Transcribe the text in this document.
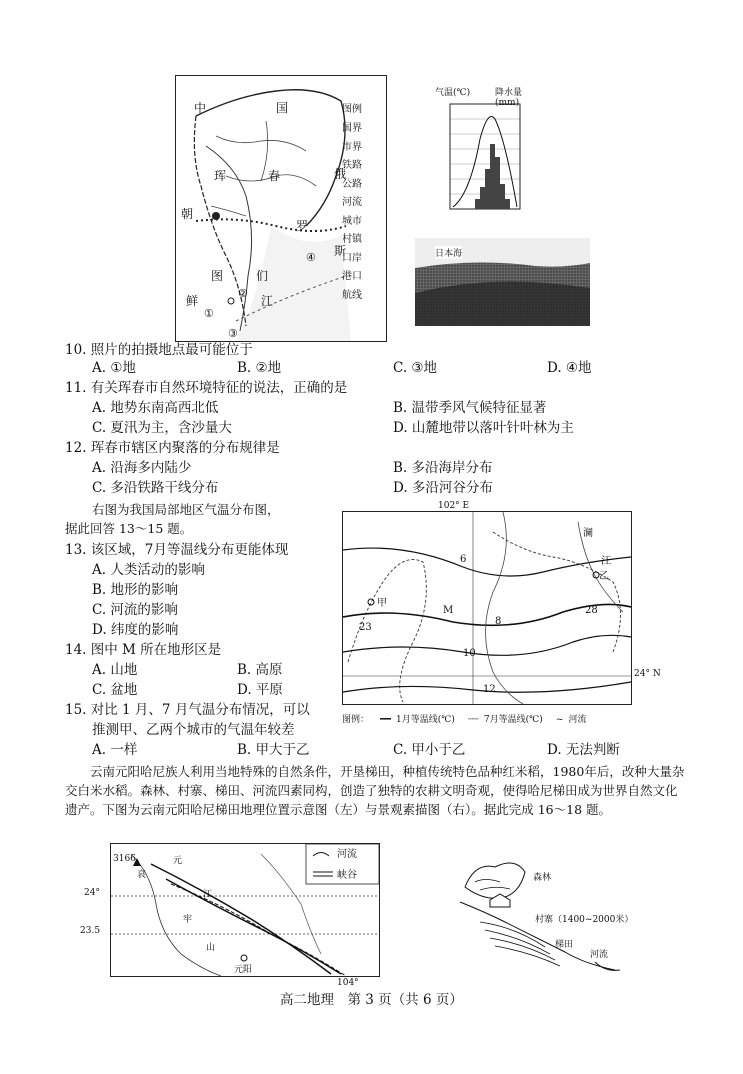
中	国
珲	春	俄
罗
斯
朝
鲜
图	们
江
①
②
③
④
图例
国界
市界
铁路
公路
河流
城市
村镇
口岸
港口
航线
气温(℃)	降水量(mm)
日本海
10. 照片的拍摄地点最可能位于
A. ①地	B. ②地	C. ③地	D. ④地
11. 有关珲春市自然环境特征的说法，正确的是
A. 地势东南高西北低	B. 温带季风气候特征显著
C. 夏汛为主，含沙量大	D. 山麓地带以落叶针叶林为主
12. 珲春市辖区内聚落的分布规律是
A. 沿海多内陆少	B. 多沿海岸分布
C. 多沿铁路干线分布	D. 多沿河谷分布
右图为我国局部地区气温分布图，
据此回答 13～15 题。
13. 该区域，7月等温线分布更能体现
A. 人类活动的影响
B. 地形的影响
C. 河流的影响
D. 纬度的影响
14. 图中 M 所在地形区是
A. 山地	B. 高原
C. 盆地	D. 平原
15. 对比 1 月、7 月气温分布情况，可以
推测甲、乙两个城市的气温年较差
A. 一样	B. 甲大于乙	C. 甲小于乙	D. 无法判断
102° E
6
8
10
12
28
23
M
甲
乙
澜
江
24° N
图例： ━━ 1月等温线(℃) ┄┄ 7月等温线(℃) ~ 河流
云南元阳哈尼族人利用当地特殊的自然条件，开垦梯田，种植传统特色品种红米稻，1980年后，改种大量杂交白米水稻。森林、村寨、梯田、河流四素同构，创造了独特的农耕文明奇观，使得哈尼梯田成为世界自然文化遗产。下图为云南元阳哈尼梯田地理位置示意图（左）与景观素描图（右）。据此完成 16～18 题。
3166
哀
元
江
牢
山
元阳
河流
峡谷
24°
23.5
104°
森林
村寨（1400~2000米）
梯田
河流
高二地理　第 3 页（共 6 页）
